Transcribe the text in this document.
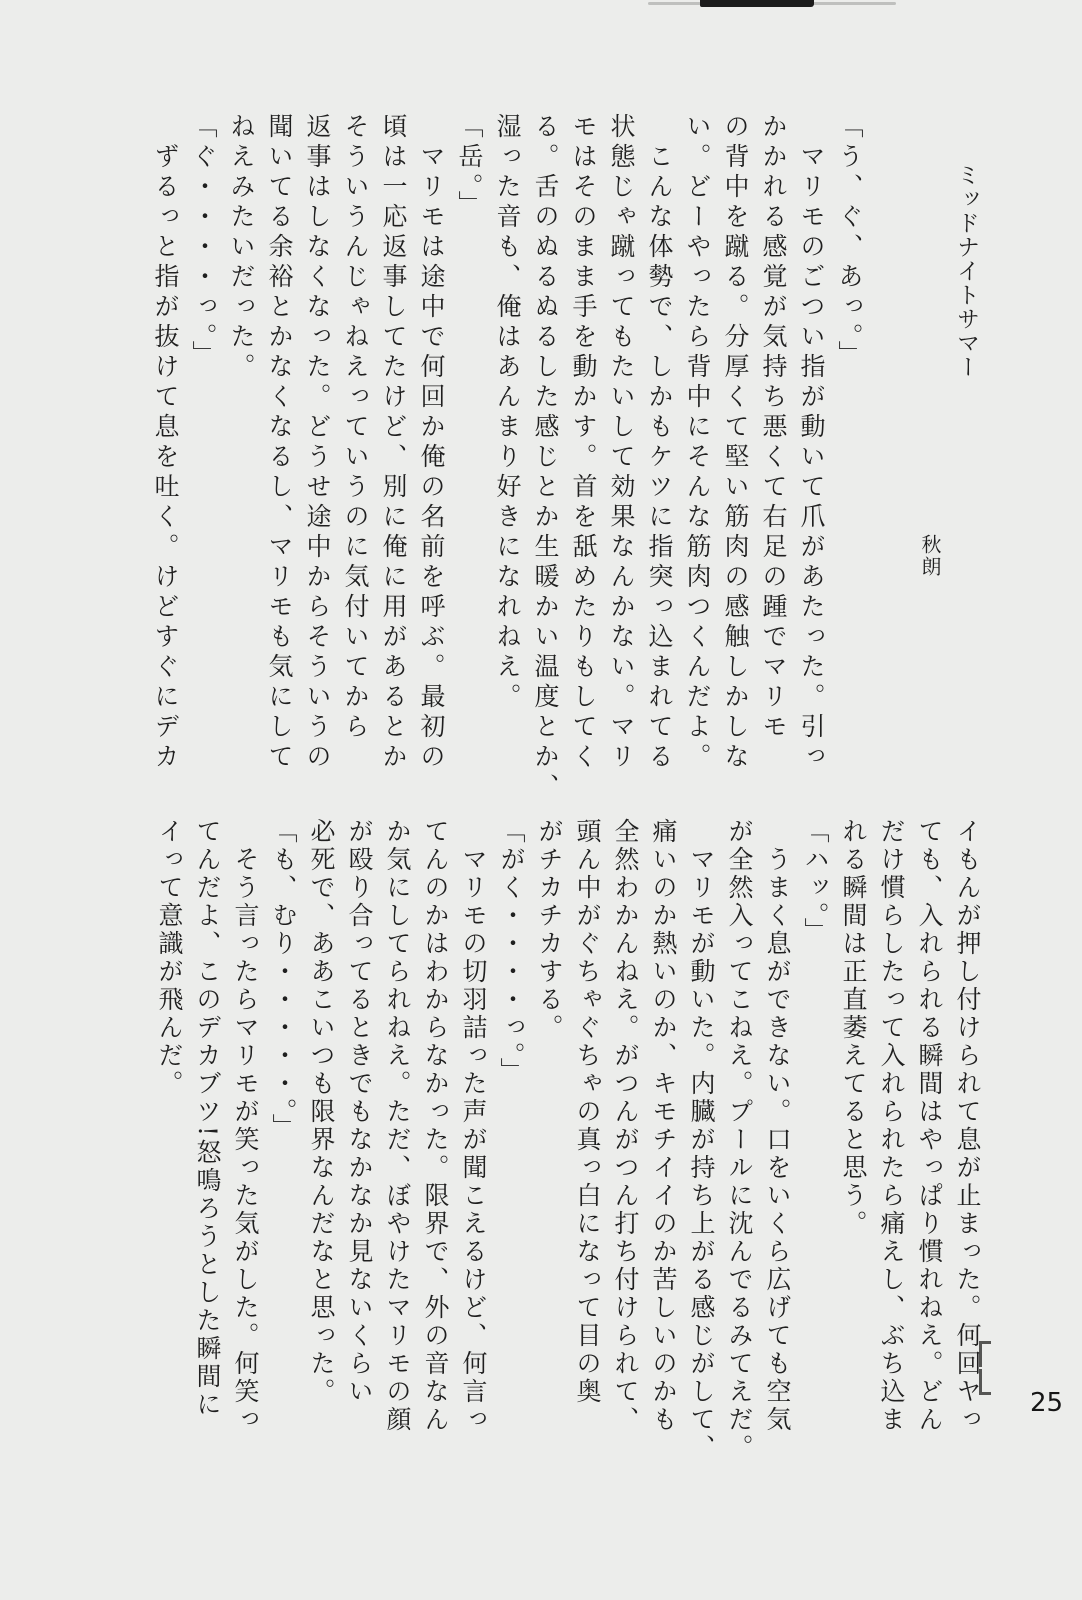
ミッドナイトサマー
秋朗
「う、ぐ、あっ。」
　マリモのごつい指が動いて爪があたった。引っ
かかれる感覚が気持ち悪くて右足の踵でマリモ
の背中を蹴る。分厚くて堅い筋肉の感触しかしな
い。どーやったら背中にそんな筋肉つくんだよ。
　こんな体勢で、しかもケツに指突っ込まれてる
状態じゃ蹴ってもたいして効果なんかない。マリ
モはそのまま手を動かす。首を舐めたりもしてく
る。舌のぬるぬるした感じとか生暖かい温度とか、
湿った音も、俺はあんまり好きになれねえ。
「岳。」
　マリモは途中で何回か俺の名前を呼ぶ。最初の
頃は一応返事してたけど、別に俺に用があるとか
そういうんじゃねえっていうのに気付いてから
返事はしなくなった。どうせ途中からそういうの
聞いてる余裕とかなくなるし、マリモも気にして
ねえみたいだった。
「ぐ・・・・っ。」
　ずるっと指が抜けて息を吐く。けどすぐにデカ
イもんが押し付けられて息が止まった。何回ヤっ
ても、入れられる瞬間はやっぱり慣れねえ。どん
だけ慣らしたって入れられたら痛えし、ぶち込ま
れる瞬間は正直萎えてると思う。
「ハッ。」
　うまく息ができない。口をいくら広げても空気
が全然入ってこねえ。プールに沈んでるみてえだ。
　マリモが動いた。内臓が持ち上がる感じがして、
痛いのか熱いのか、キモチイイのか苦しいのかも
全然わかんねえ。がつんがつん打ち付けられて、
頭ん中がぐちゃぐちゃの真っ白になって目の奥
がチカチカする。
「がく・・・・っ。」
　マリモの切羽詰った声が聞こえるけど、何言っ
てんのかはわからなかった。限界で、外の音なん
か気にしてられねえ。ただ、ぼやけたマリモの顔
が殴り合ってるときでもなかなか見ないくらい
必死で、ああこいつも限界なんだなと思った。
「も、むり・・・・・。」
　そう言ったらマリモが笑った気がした。何笑っ
てんだよ、このデカブツ!怒鳴ろうとした瞬間に
イって意識が飛んだ。
25
